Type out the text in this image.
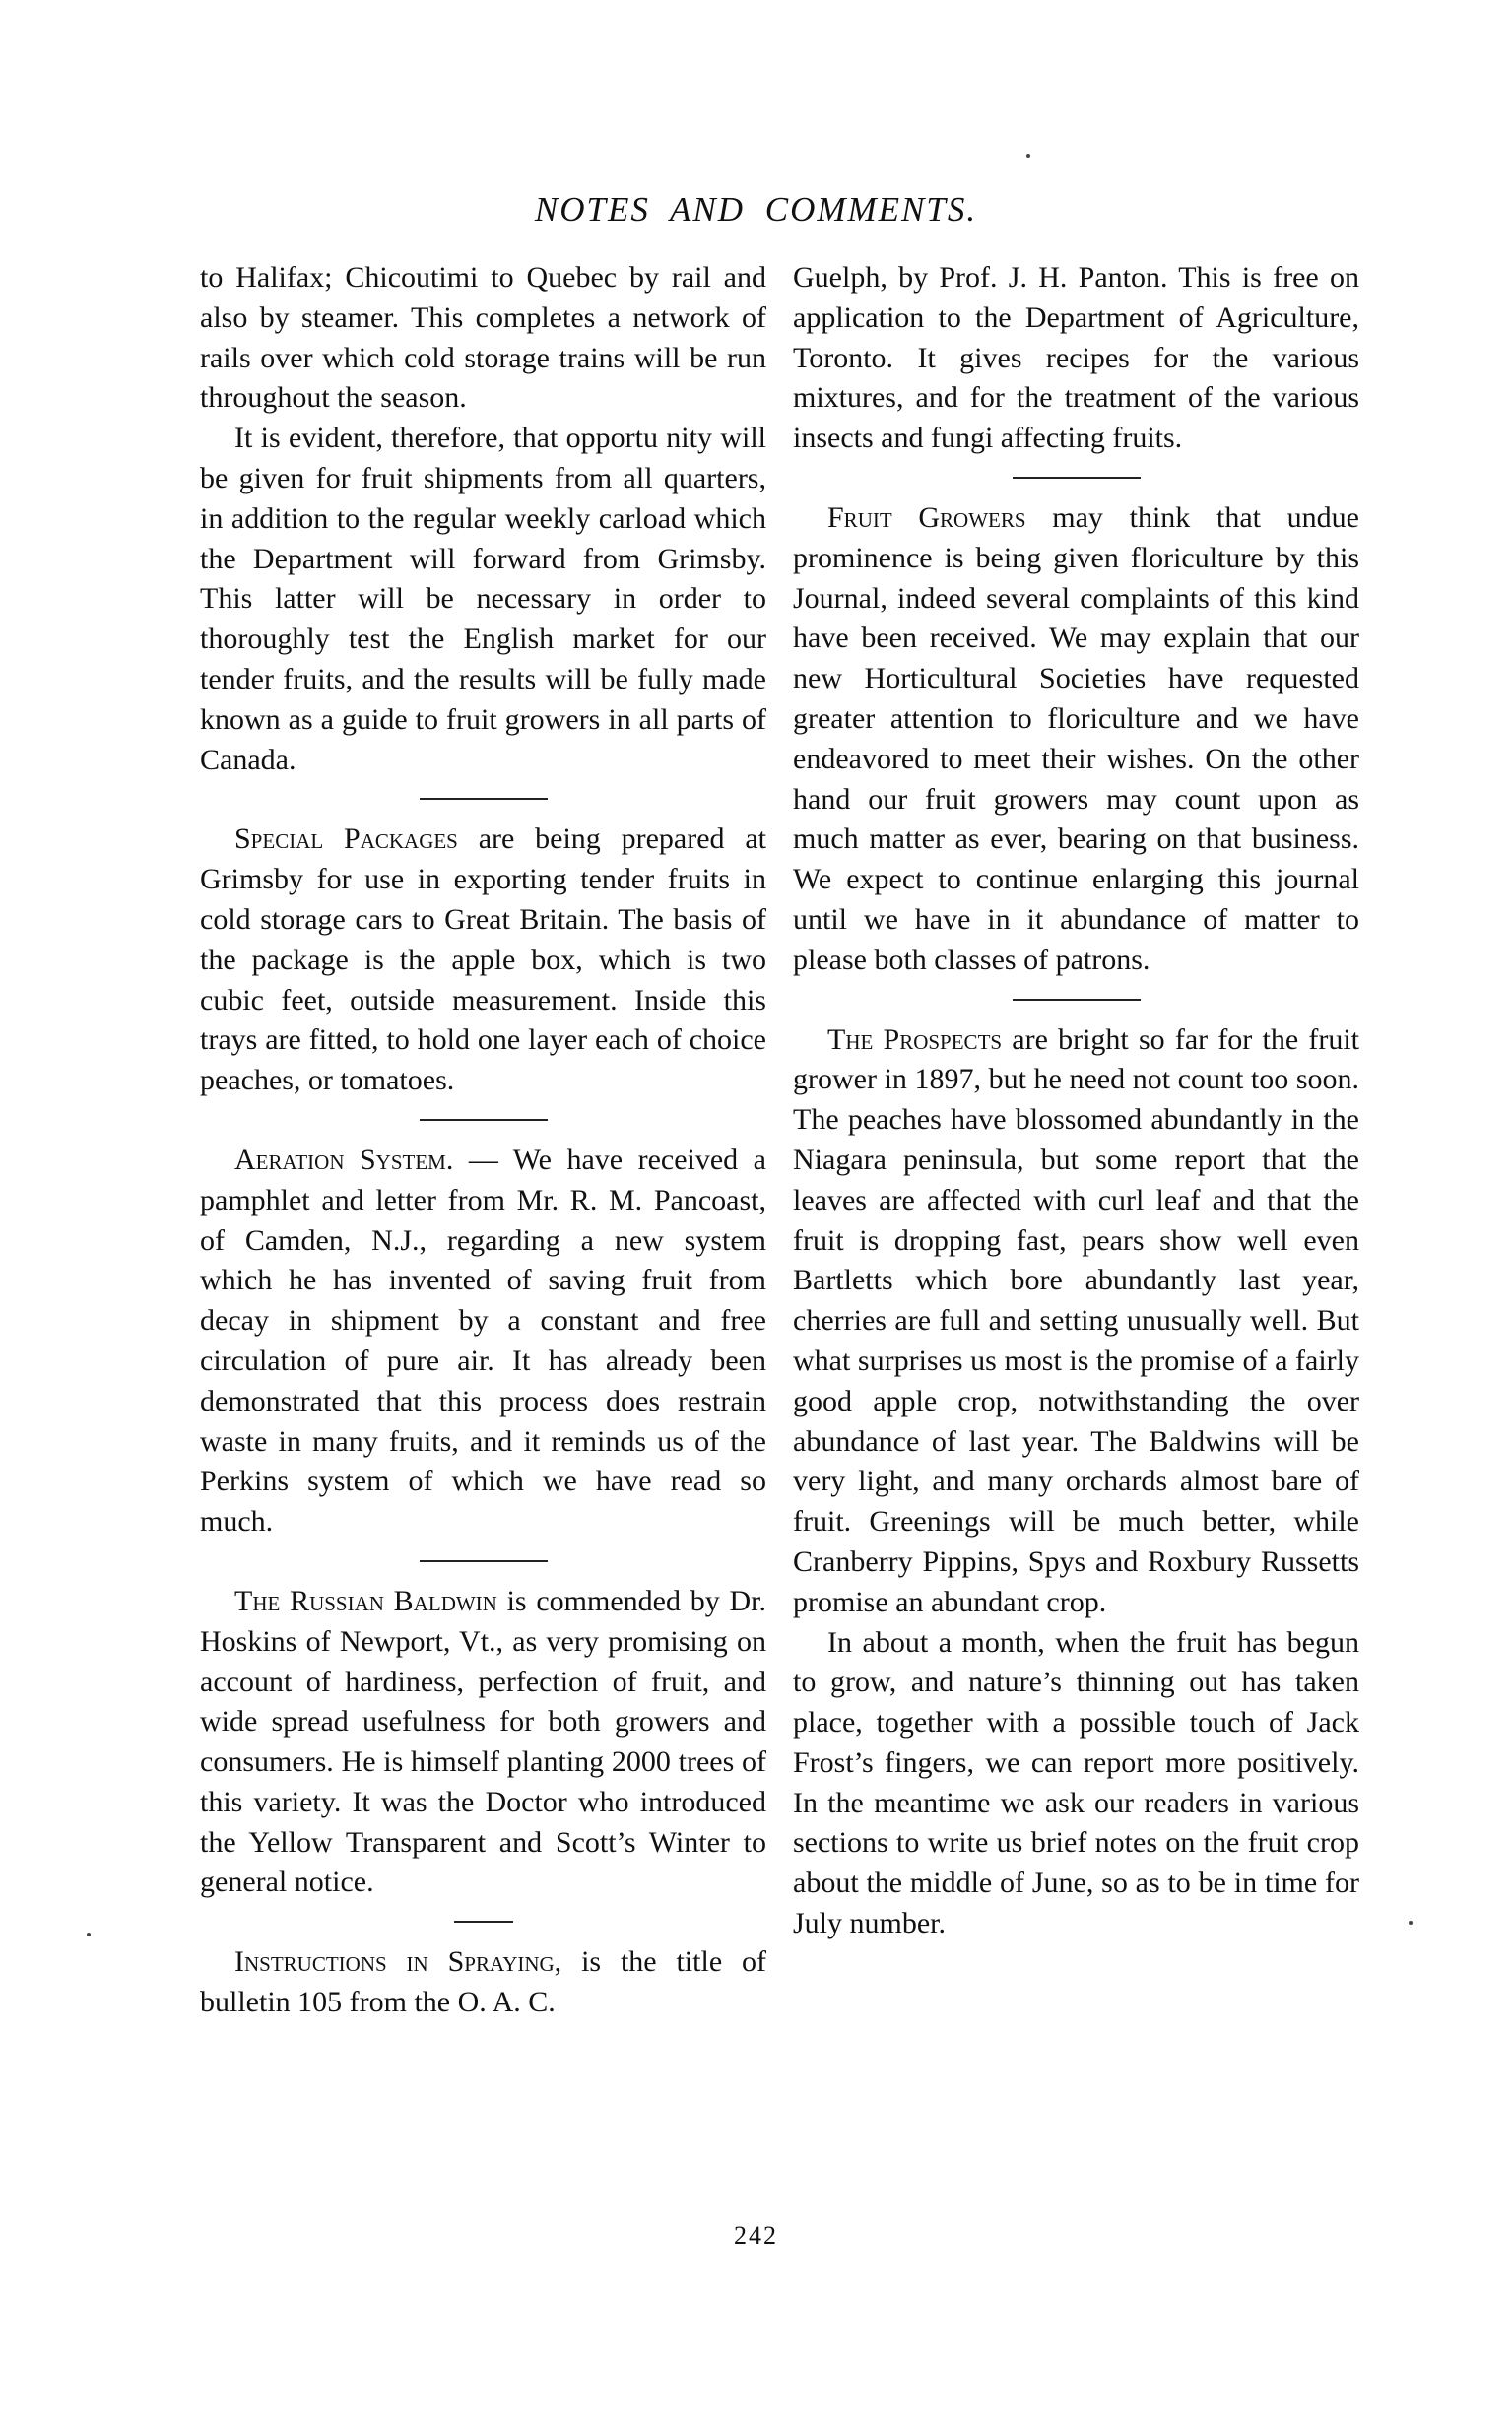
NOTES AND COMMENTS.

to Halifax; Chicoutimi to Quebec by rail and also by steamer. This completes a network of rails over which cold storage trains will be run throughout the season.

It is evident, therefore, that opportu nity will be given for fruit shipments from all quarters, in addition to the regular weekly carload which the Department will forward from Grimsby. This latter will be necessary in order to thoroughly test the English market for our tender fruits, and the results will be fully made known as a guide to fruit growers in all parts of Canada.

Special Packages are being prepared at Grimsby for use in exporting tender fruits in cold storage cars to Great Britain. The basis of the package is the apple box, which is two cubic feet, outside measurement. Inside this trays are fitted, to hold one layer each of choice peaches, or tomatoes.

Aeration System. — We have received a pamphlet and letter from Mr. R. M. Pancoast, of Camden, N.J., regarding a new system which he has invented of saving fruit from decay in shipment by a constant and free circulation of pure air. It has already been demonstrated that this process does restrain waste in many fruits, and it reminds us of the Perkins system of which we have read so much.

The Russian Baldwin is commended by Dr. Hoskins of Newport, Vt., as very promising on account of hardiness, perfection of fruit, and wide spread usefulness for both growers and consumers. He is himself planting 2000 trees of this variety. It was the Doctor who introduced the Yellow Transparent and Scott’s Winter to general notice.

Instructions in Spraying, is the title of bulletin 105 from the O. A. C.

Guelph, by Prof. J. H. Panton. This is free on application to the Department of Agriculture, Toronto. It gives recipes for the various mixtures, and for the treatment of the various insects and fungi affecting fruits.

Fruit Growers may think that undue prominence is being given floriculture by this Journal, indeed several complaints of this kind have been received. We may explain that our new Horticultural Societies have requested greater attention to floriculture and we have endeavored to meet their wishes. On the other hand our fruit growers may count upon as much matter as ever, bearing on that business. We expect to continue enlarging this journal until we have in it abundance of matter to please both classes of patrons.

The Prospects are bright so far for the fruit grower in 1897, but he need not count too soon. The peaches have blossomed abundantly in the Niagara peninsula, but some report that the leaves are affected with curl leaf and that the fruit is dropping fast, pears show well even Bartletts which bore abundantly last year, cherries are full and setting unusually well. But what surprises us most is the promise of a fairly good apple crop, notwithstanding the over abundance of last year. The Baldwins will be very light, and many orchards almost bare of fruit. Greenings will be much better, while Cranberry Pippins, Spys and Roxbury Russetts promise an abundant crop.

In about a month, when the fruit has begun to grow, and nature’s thinning out has taken place, together with a possible touch of Jack Frost’s fingers, we can report more positively. In the meantime we ask our readers in various sections to write us brief notes on the fruit crop about the middle of June, so as to be in time for July number.

242
